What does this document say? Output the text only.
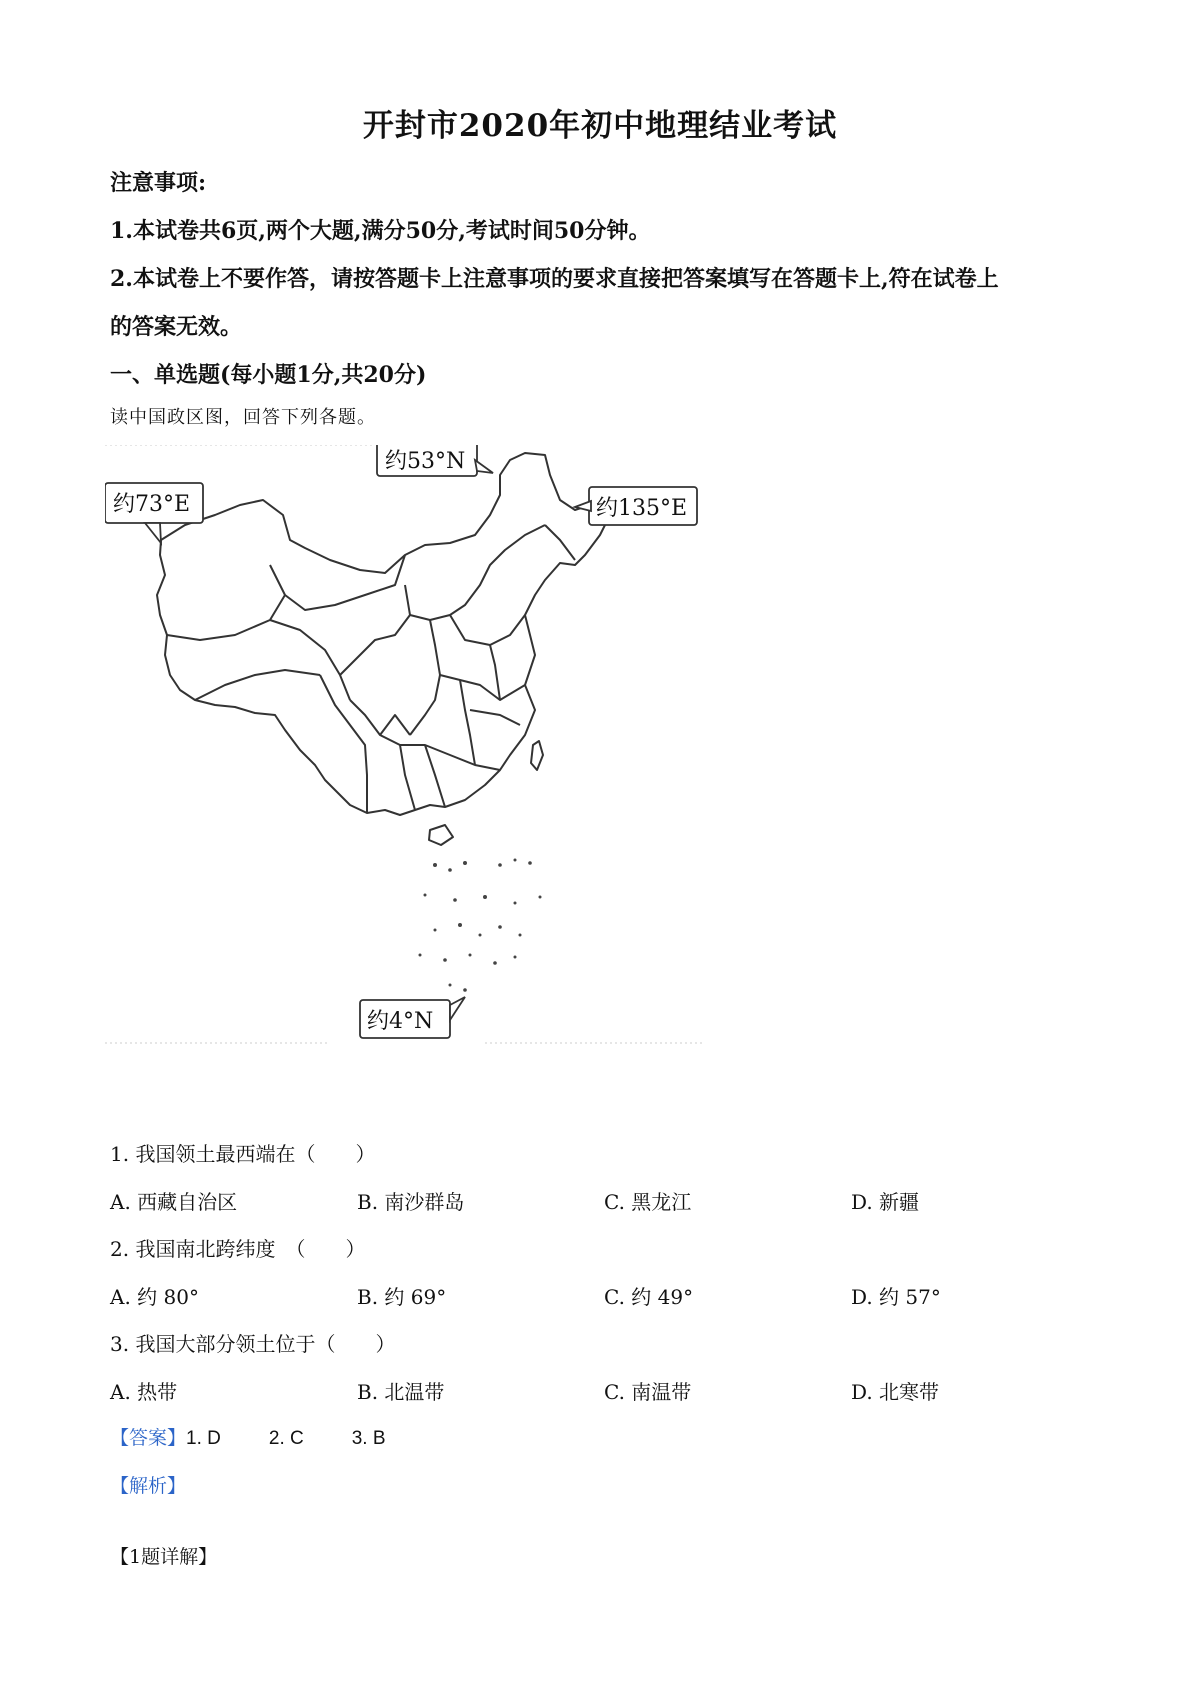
开封市2020年初中地理结业考试
注意事项:
1.本试卷共6页,两个大题,满分50分,考试时间50分钟。
2.本试卷上不要作答，请按答题卡上注意事项的要求直接把答案填写在答题卡上,符在试卷上
的答案无效。
一、单选题(每小题1分,共20分)
读中国政区图，回答下列各题。
约53°N
约73°E	约135°E
约4°N
1. 我国领土最西端在（　　）
A. 西藏自治区	B. 南沙群岛	C. 黑龙江	D. 新疆
2. 我国南北跨纬度　（　　）
A. 约 80°	B. 约 69°	C. 约 49°	D. 约 57°
3. 我国大部分领土位于（　　）
A. 热带	B. 北温带	C. 南温带	D. 北寒带
【答案】1. D	2. C	3. B
【解析】
【1题详解】
